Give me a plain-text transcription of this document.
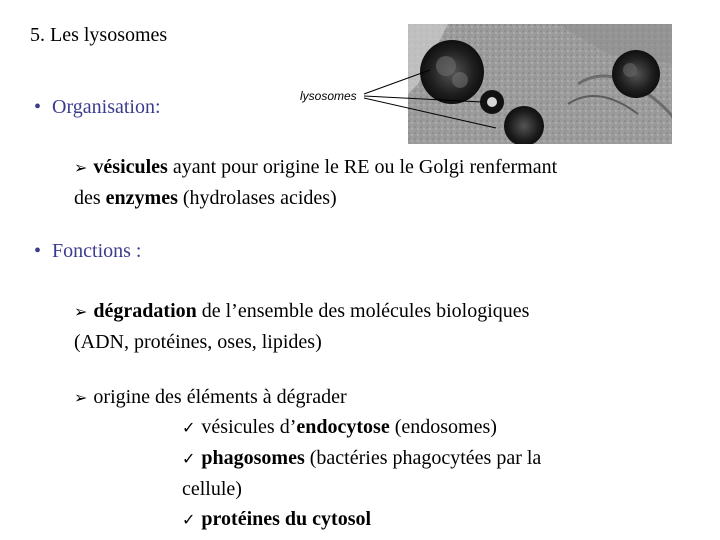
5. Les lysosomes
lysosomes
• Organisation:
➢ vésicules ayant pour origine le RE ou le Golgi renfermant
des enzymes (hydrolases acides)
• Fonctions :
➢ dégradation de l’ensemble des molécules biologiques
(ADN, protéines, oses, lipides)
➢ origine des éléments à dégrader
✓ vésicules d’endocytose (endosomes)
✓ phagosomes (bactéries phagocytées par la
cellule)
✓ protéines du cytosol
